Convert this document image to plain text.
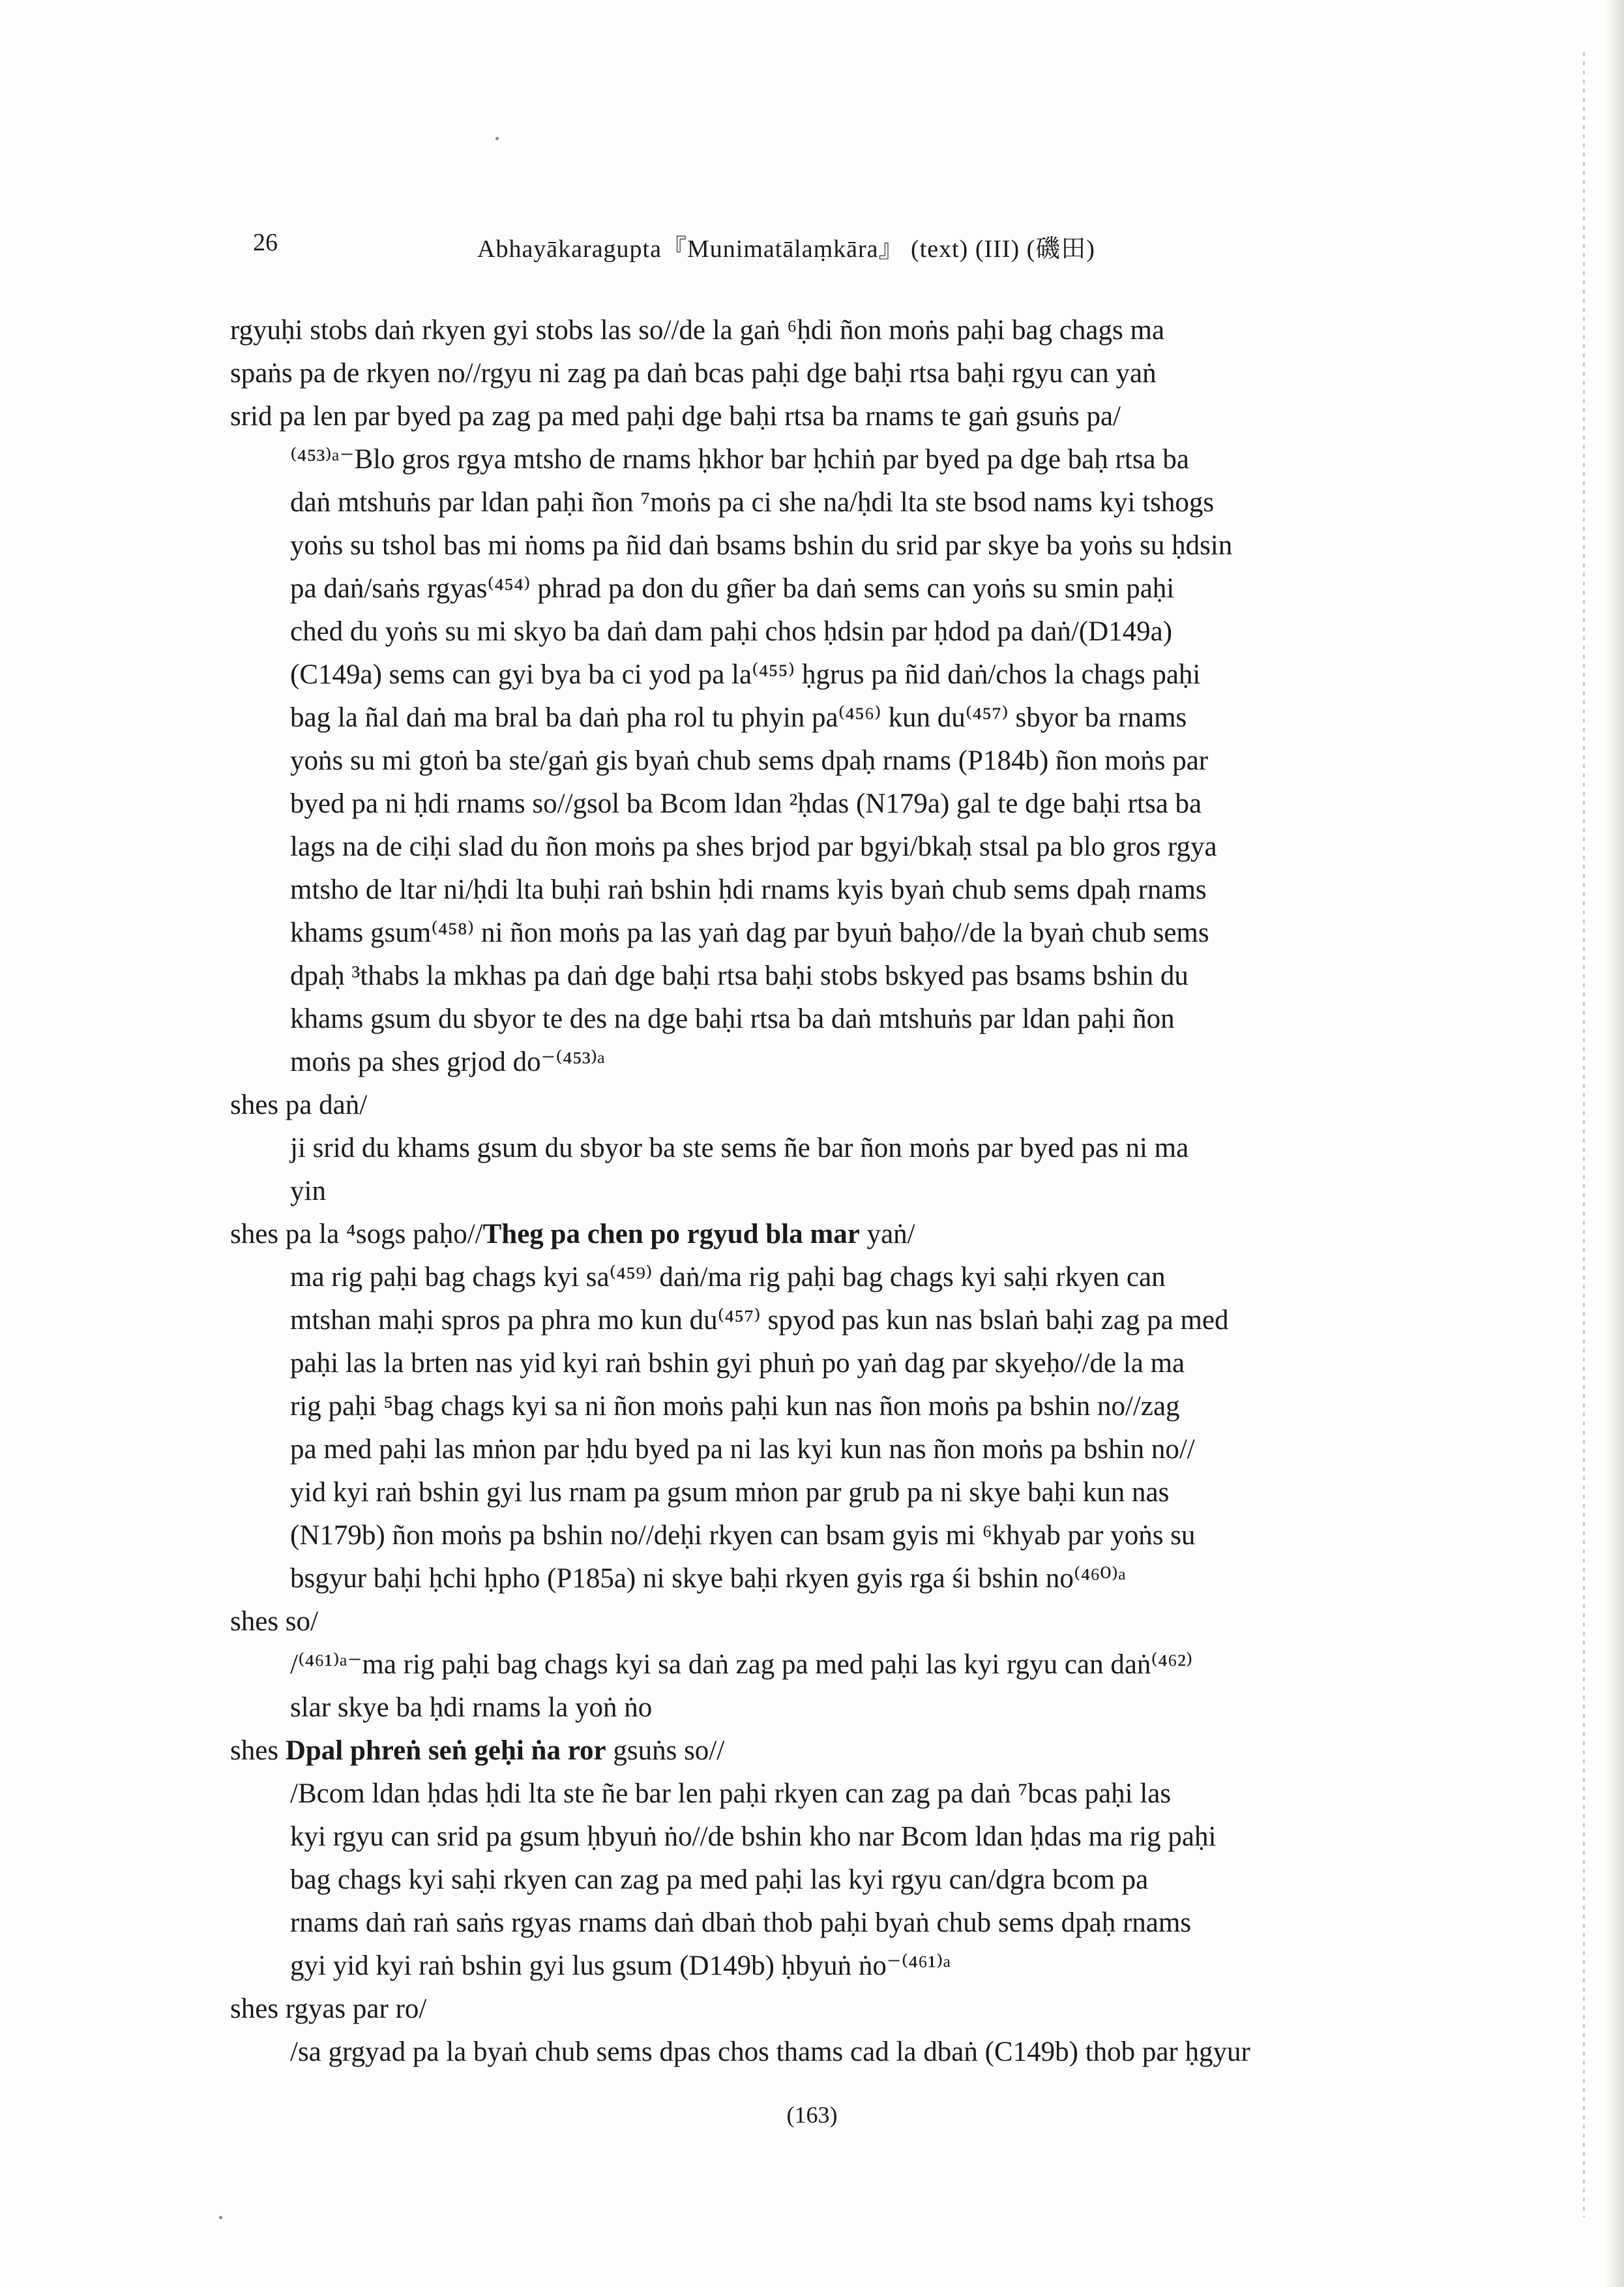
26	Abhayākaragupta『Munimatālaṃkāra』 (text) (III) (磯田)
rgyuḥi stobs daṅ rkyen gyi stobs las so//de la gaṅ ⁶ḥdi ñon moṅs paḥi bag chags ma
spaṅs pa de rkyen no//rgyu ni zag pa daṅ bcas paḥi dge baḥi rtsa baḥi rgyu can yaṅ
srid pa len par byed pa zag pa med paḥi dge baḥi rtsa ba rnams te gaṅ gsuṅs pa/
⁽⁴⁵³⁾ᵃ⁻Blo gros rgya mtsho de rnams ḥkhor bar ḥchiṅ par byed pa dge baḥ rtsa ba
daṅ mtshuṅs par ldan paḥi ñon ⁷moṅs pa ci she na/ḥdi lta ste bsod nams kyi tshogs
yoṅs su tshol bas mi ṅoms pa ñid daṅ bsams bshin du srid par skye ba yoṅs su ḥdsin
pa daṅ/saṅs rgyas⁽⁴⁵⁴⁾ phrad pa don du gñer ba daṅ sems can yoṅs su smin paḥi
ched du yoṅs su mi skyo ba daṅ dam paḥi chos ḥdsin par ḥdod pa daṅ/(D149a)
(C149a) sems can gyi bya ba ci yod pa la⁽⁴⁵⁵⁾ ḥgrus pa ñid daṅ/chos la chags paḥi
bag la ñal daṅ ma bral ba daṅ pha rol tu phyin pa⁽⁴⁵⁶⁾ kun du⁽⁴⁵⁷⁾ sbyor ba rnams
yoṅs su mi gtoṅ ba ste/gaṅ gis byaṅ chub sems dpaḥ rnams (P184b) ñon moṅs par
byed pa ni ḥdi rnams so//gsol ba Bcom ldan ²ḥdas (N179a) gal te dge baḥi rtsa ba
lags na de ciḥi slad du ñon moṅs pa shes brjod par bgyi/bkaḥ stsal pa blo gros rgya
mtsho de ltar ni/ḥdi lta buḥi raṅ bshin ḥdi rnams kyis byaṅ chub sems dpaḥ rnams
khams gsum⁽⁴⁵⁸⁾ ni ñon moṅs pa las yaṅ dag par byuṅ baḥo//de la byaṅ chub sems
dpaḥ ³thabs la mkhas pa daṅ dge baḥi rtsa baḥi stobs bskyed pas bsams bshin du
khams gsum du sbyor te des na dge baḥi rtsa ba daṅ mtshuṅs par ldan paḥi ñon
moṅs pa shes grjod do⁻⁽⁴⁵³⁾ᵃ
shes pa daṅ/
ji srid du khams gsum du sbyor ba ste sems ñe bar ñon moṅs par byed pas ni ma
yin
shes pa la ⁴sogs paḥo//Theg pa chen po rgyud bla mar yaṅ/
ma rig paḥi bag chags kyi sa⁽⁴⁵⁹⁾ daṅ/ma rig paḥi bag chags kyi saḥi rkyen can
mtshan maḥi spros pa phra mo kun du⁽⁴⁵⁷⁾ spyod pas kun nas bslaṅ baḥi zag pa med
paḥi las la brten nas yid kyi raṅ bshin gyi phuṅ po yaṅ dag par skyeḥo//de la ma
rig paḥi ⁵bag chags kyi sa ni ñon moṅs paḥi kun nas ñon moṅs pa bshin no//zag
pa med paḥi las mṅon par ḥdu byed pa ni las kyi kun nas ñon moṅs pa bshin no//
yid kyi raṅ bshin gyi lus rnam pa gsum mṅon par grub pa ni skye baḥi kun nas
(N179b) ñon moṅs pa bshin no//deḥi rkyen can bsam gyis mi ⁶khyab par yoṅs su
bsgyur baḥi ḥchi ḥpho (P185a) ni skye baḥi rkyen gyis rga śi bshin no⁽⁴⁶⁰⁾ᵃ
shes so/
/⁽⁴⁶¹⁾ᵃ⁻ma rig paḥi bag chags kyi sa daṅ zag pa med paḥi las kyi rgyu can daṅ⁽⁴⁶²⁾
slar skye ba ḥdi rnams la yoṅ ṅo
shes Dpal phreṅ seṅ geḥi ṅa ror gsuṅs so//
/Bcom ldan ḥdas ḥdi lta ste ñe bar len paḥi rkyen can zag pa daṅ ⁷bcas paḥi las
kyi rgyu can srid pa gsum ḥbyuṅ ṅo//de bshin kho nar Bcom ldan ḥdas ma rig paḥi
bag chags kyi saḥi rkyen can zag pa med paḥi las kyi rgyu can/dgra bcom pa
rnams daṅ raṅ saṅs rgyas rnams daṅ dbaṅ thob paḥi byaṅ chub sems dpaḥ rnams
gyi yid kyi raṅ bshin gyi lus gsum (D149b) ḥbyuṅ ṅo⁻⁽⁴⁶¹⁾ᵃ
shes rgyas par ro/
/sa grgyad pa la byaṅ chub sems dpas chos thams cad la dbaṅ (C149b) thob par ḥgyur
(163)
